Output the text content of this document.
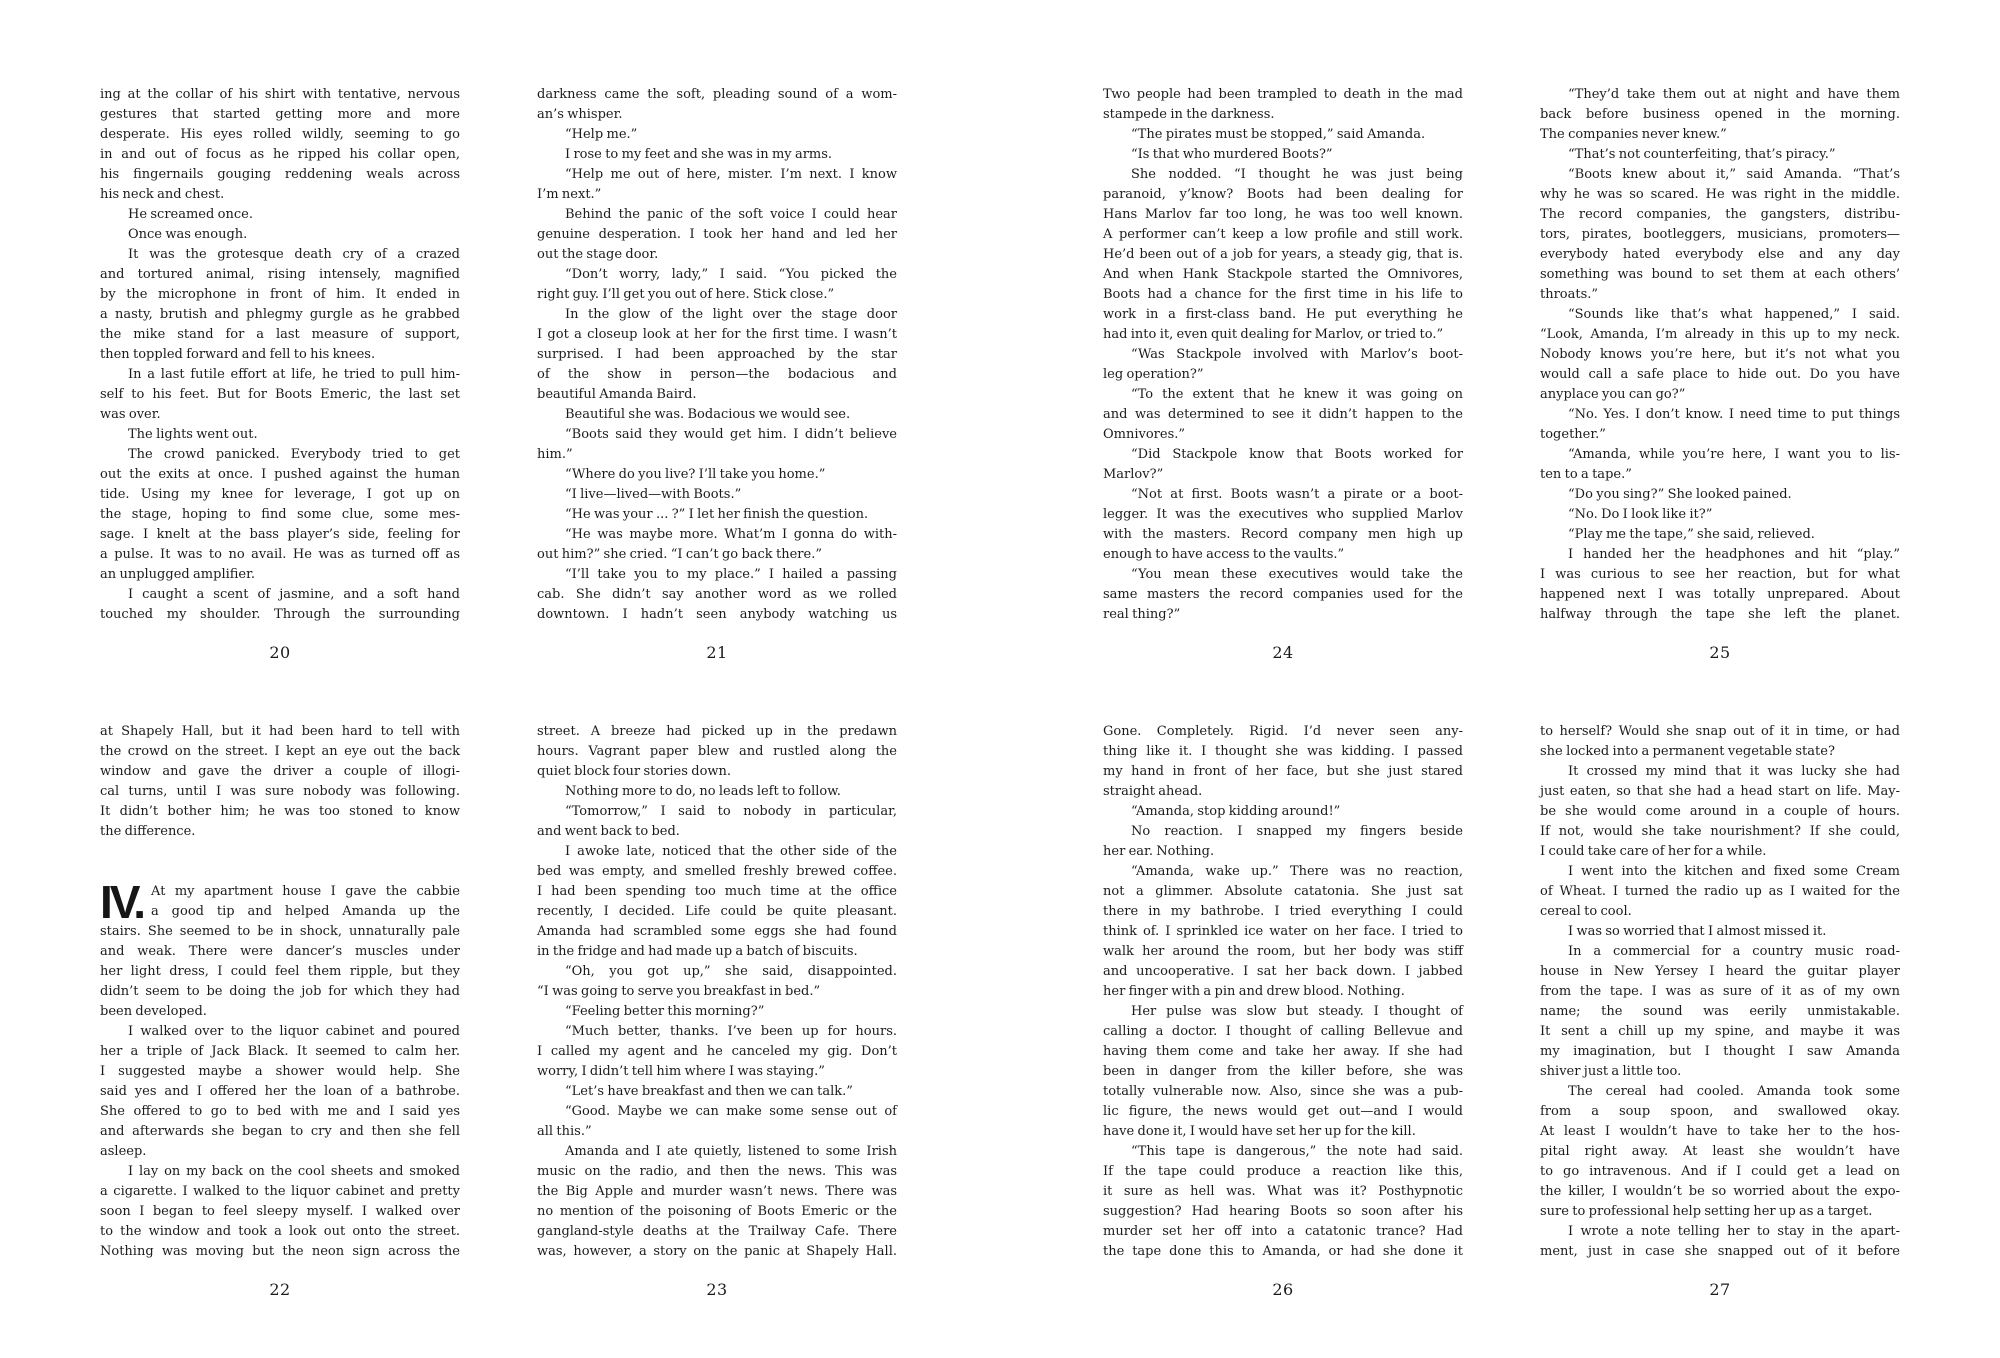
ing at the collar of his shirt with tentative, nervous
gestures that started getting more and more
desperate. His eyes rolled wildly, seeming to go
in and out of focus as he ripped his collar open,
his fingernails gouging reddening weals across
his neck and chest.
He screamed once.
Once was enough.
It was the grotesque death cry of a crazed
and tortured animal, rising intensely, magnified
by the microphone in front of him. It ended in
a nasty, brutish and phlegmy gurgle as he grabbed
the mike stand for a last measure of support,
then toppled forward and fell to his knees.
In a last futile effort at life, he tried to pull him-
self to his feet. But for Boots Emeric, the last set
was over.
The lights went out.
The crowd panicked. Everybody tried to get
out the exits at once. I pushed against the human
tide. Using my knee for leverage, I got up on
the stage, hoping to find some clue, some mes-
sage. I knelt at the bass player’s side, feeling for
a pulse. It was to no avail. He was as turned off as
an unplugged amplifier.
I caught a scent of jasmine, and a soft hand
touched my shoulder. Through the surrounding
20
darkness came the soft, pleading sound of a wom-
an’s whisper.
“Help me.”
I rose to my feet and she was in my arms.
“Help me out of here, mister. I’m next. I know
I’m next.”
Behind the panic of the soft voice I could hear
genuine desperation. I took her hand and led her
out the stage door.
“Don’t worry, lady,” I said. “You picked the
right guy. I’ll get you out of here. Stick close.”
In the glow of the light over the stage door
I got a closeup look at her for the first time. I wasn’t
surprised. I had been approached by the star
of the show in person—the bodacious and
beautiful Amanda Baird.
Beautiful she was. Bodacious we would see.
“Boots said they would get him. I didn’t believe
him.”
“Where do you live? I’ll take you home.”
“I live—lived—with Boots.”
“He was your ... ?” I let her finish the question.
“He was maybe more. What’m I gonna do with-
out him?” she cried. “I can’t go back there.”
“I’ll take you to my place.” I hailed a passing
cab. She didn’t say another word as we rolled
downtown. I hadn’t seen anybody watching us
21
Two people had been trampled to death in the mad
stampede in the darkness.
“The pirates must be stopped,” said Amanda.
“Is that who murdered Boots?”
She nodded. “I thought he was just being
paranoid, y’know? Boots had been dealing for
Hans Marlov far too long, he was too well known.
A performer can’t keep a low profile and still work.
He’d been out of a job for years, a steady gig, that is.
And when Hank Stackpole started the Omnivores,
Boots had a chance for the first time in his life to
work in a first-class band. He put everything he
had into it, even quit dealing for Marlov, or tried to.”
“Was Stackpole involved with Marlov’s boot-
leg operation?”
“To the extent that he knew it was going on
and was determined to see it didn’t happen to the
Omnivores.”
“Did Stackpole know that Boots worked for
Marlov?”
“Not at first. Boots wasn’t a pirate or a boot-
legger. It was the executives who supplied Marlov
with the masters. Record company men high up
enough to have access to the vaults.”
“You mean these executives would take the
same masters the record companies used for the
real thing?”
24
“They’d take them out at night and have them
back before business opened in the morning.
The companies never knew.”
“That’s not counterfeiting, that’s piracy.”
“Boots knew about it,” said Amanda. “That’s
why he was so scared. He was right in the middle.
The record companies, the gangsters, distribu-
tors, pirates, bootleggers, musicians, promoters—
everybody hated everybody else and any day
something was bound to set them at each others’
throats.”
“Sounds like that’s what happened,” I said.
“Look, Amanda, I’m already in this up to my neck.
Nobody knows you’re here, but it’s not what you
would call a safe place to hide out. Do you have
anyplace you can go?”
“No. Yes. I don’t know. I need time to put things
together.”
“Amanda, while you’re here, I want you to lis-
ten to a tape.”
“Do you sing?” She looked pained.
“No. Do I look like it?”
“Play me the tape,” she said, relieved.
I handed her the headphones and hit “play.”
I was curious to see her reaction, but for what
happened next I was totally unprepared. About
halfway through the tape she left the planet.
25
at Shapely Hall, but it had been hard to tell with
the crowd on the street. I kept an eye out the back
window and gave the driver a couple of illogi-
cal turns, until I was sure nobody was following.
It didn’t bother him; he was too stoned to know
the difference.
IV. At my apartment house I gave the cabbie
a good tip and helped Amanda up the
stairs. She seemed to be in shock, unnaturally pale
and weak. There were dancer’s muscles under
her light dress, I could feel them ripple, but they
didn’t seem to be doing the job for which they had
been developed.
I walked over to the liquor cabinet and poured
her a triple of Jack Black. It seemed to calm her.
I suggested maybe a shower would help. She
said yes and I offered her the loan of a bathrobe.
She offered to go to bed with me and I said yes
and afterwards she began to cry and then she fell
asleep.
I lay on my back on the cool sheets and smoked
a cigarette. I walked to the liquor cabinet and pretty
soon I began to feel sleepy myself. I walked over
to the window and took a look out onto the street.
Nothing was moving but the neon sign across the
22
street. A breeze had picked up in the predawn
hours. Vagrant paper blew and rustled along the
quiet block four stories down.
Nothing more to do, no leads left to follow.
“Tomorrow,” I said to nobody in particular,
and went back to bed.
I awoke late, noticed that the other side of the
bed was empty, and smelled freshly brewed coffee.
I had been spending too much time at the office
recently, I decided. Life could be quite pleasant.
Amanda had scrambled some eggs she had found
in the fridge and had made up a batch of biscuits.
“Oh, you got up,” she said, disappointed.
“I was going to serve you breakfast in bed.”
“Feeling better this morning?”
“Much better, thanks. I’ve been up for hours.
I called my agent and he canceled my gig. Don’t
worry, I didn’t tell him where I was staying.”
“Let’s have breakfast and then we can talk.”
“Good. Maybe we can make some sense out of
all this.”
Amanda and I ate quietly, listened to some Irish
music on the radio, and then the news. This was
the Big Apple and murder wasn’t news. There was
no mention of the poisoning of Boots Emeric or the
gangland-style deaths at the Trailway Cafe. There
was, however, a story on the panic at Shapely Hall.
23
Gone. Completely. Rigid. I’d never seen any-
thing like it. I thought she was kidding. I passed
my hand in front of her face, but she just stared
straight ahead.
“Amanda, stop kidding around!”
No reaction. I snapped my fingers beside
her ear. Nothing.
“Amanda, wake up.” There was no reaction,
not a glimmer. Absolute catatonia. She just sat
there in my bathrobe. I tried everything I could
think of. I sprinkled ice water on her face. I tried to
walk her around the room, but her body was stiff
and uncooperative. I sat her back down. I jabbed
her finger with a pin and drew blood. Nothing.
Her pulse was slow but steady. I thought of
calling a doctor. I thought of calling Bellevue and
having them come and take her away. If she had
been in danger from the killer before, she was
totally vulnerable now. Also, since she was a pub-
lic figure, the news would get out—and I would
have done it, I would have set her up for the kill.
“This tape is dangerous,” the note had said.
If the tape could produce a reaction like this,
it sure as hell was. What was it? Posthypnotic
suggestion? Had hearing Boots so soon after his
murder set her off into a catatonic trance? Had
the tape done this to Amanda, or had she done it
26
to herself? Would she snap out of it in time, or had
she locked into a permanent vegetable state?
It crossed my mind that it was lucky she had
just eaten, so that she had a head start on life. May-
be she would come around in a couple of hours.
If not, would she take nourishment? If she could,
I could take care of her for a while.
I went into the kitchen and fixed some Cream
of Wheat. I turned the radio up as I waited for the
cereal to cool.
I was so worried that I almost missed it.
In a commercial for a country music road-
house in New Yersey I heard the guitar player
from the tape. I was as sure of it as of my own
name; the sound was eerily unmistakable.
It sent a chill up my spine, and maybe it was
my imagination, but I thought I saw Amanda
shiver just a little too.
The cereal had cooled. Amanda took some
from a soup spoon, and swallowed okay.
At least I wouldn’t have to take her to the hos-
pital right away. At least she wouldn’t have
to go intravenous. And if I could get a lead on
the killer, I wouldn’t be so worried about the expo-
sure to professional help setting her up as a target.
I wrote a note telling her to stay in the apart-
ment, just in case she snapped out of it before
27
